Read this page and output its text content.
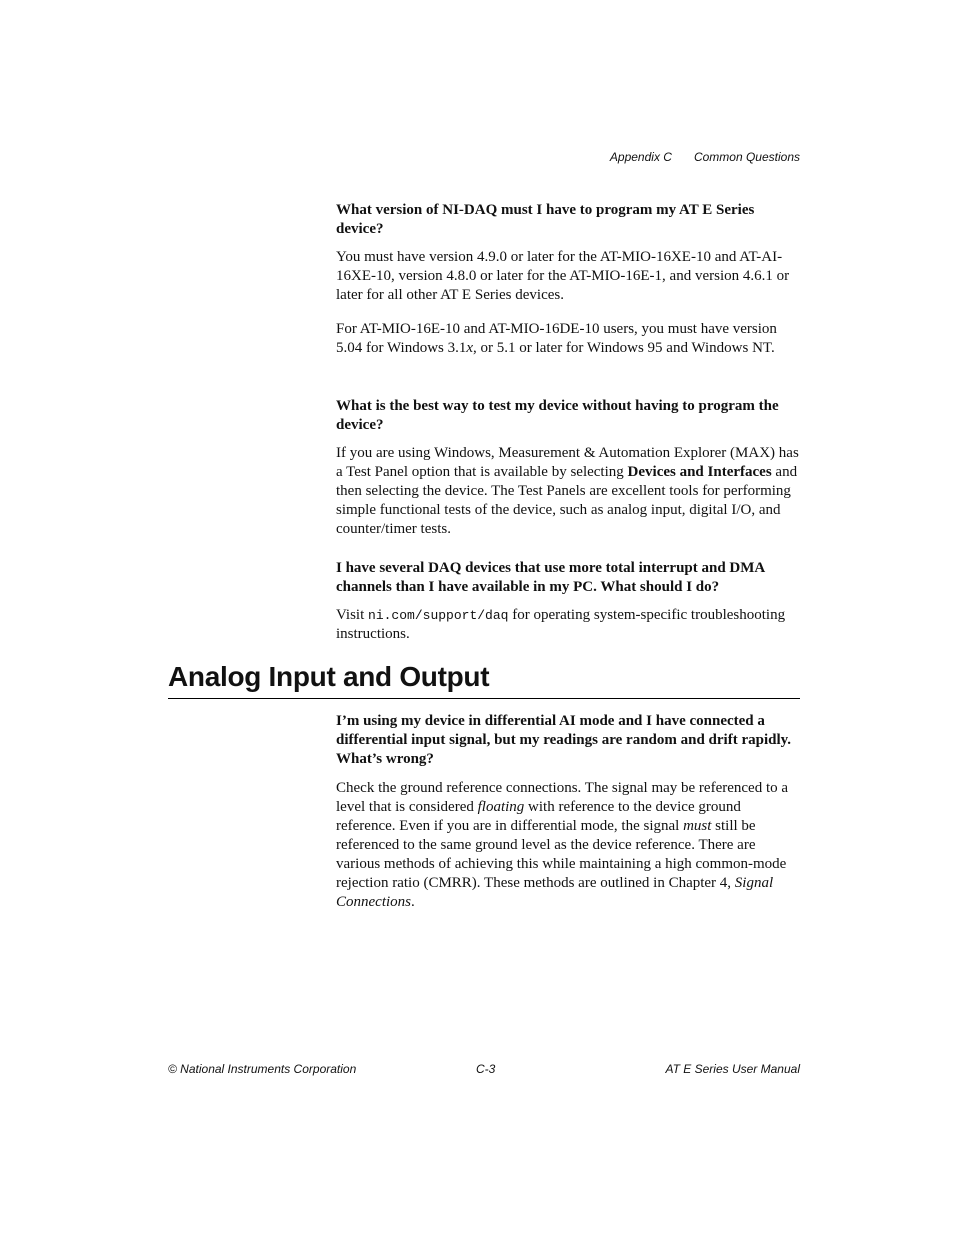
Appendix C Common Questions

What version of NI-DAQ must I have to program my AT E Series device?

You must have version 4.9.0 or later for the AT-MIO-16XE-10 and AT-AI-16XE-10, version 4.8.0 or later for the AT-MIO-16E-1, and version 4.6.1 or later for all other AT E Series devices.

For AT-MIO-16E-10 and AT-MIO-16DE-10 users, you must have version 5.04 for Windows 3.1x, or 5.1 or later for Windows 95 and Windows NT.

What is the best way to test my device without having to program the device?

If you are using Windows, Measurement & Automation Explorer (MAX) has a Test Panel option that is available by selecting Devices and Interfaces and then selecting the device. The Test Panels are excellent tools for performing simple functional tests of the device, such as analog input, digital I/O, and counter/timer tests.

I have several DAQ devices that use more total interrupt and DMA channels than I have available in my PC. What should I do?

Visit ni.com/support/daq for operating system-specific troubleshooting instructions.

Analog Input and Output

I’m using my device in differential AI mode and I have connected a differential input signal, but my readings are random and drift rapidly. What’s wrong?

Check the ground reference connections. The signal may be referenced to a level that is considered floating with reference to the device ground reference. Even if you are in differential mode, the signal must still be referenced to the same ground level as the device reference. There are various methods of achieving this while maintaining a high common-mode rejection ratio (CMRR). These methods are outlined in Chapter 4, Signal Connections.

© National Instruments Corporation	C-3	AT E Series User Manual
